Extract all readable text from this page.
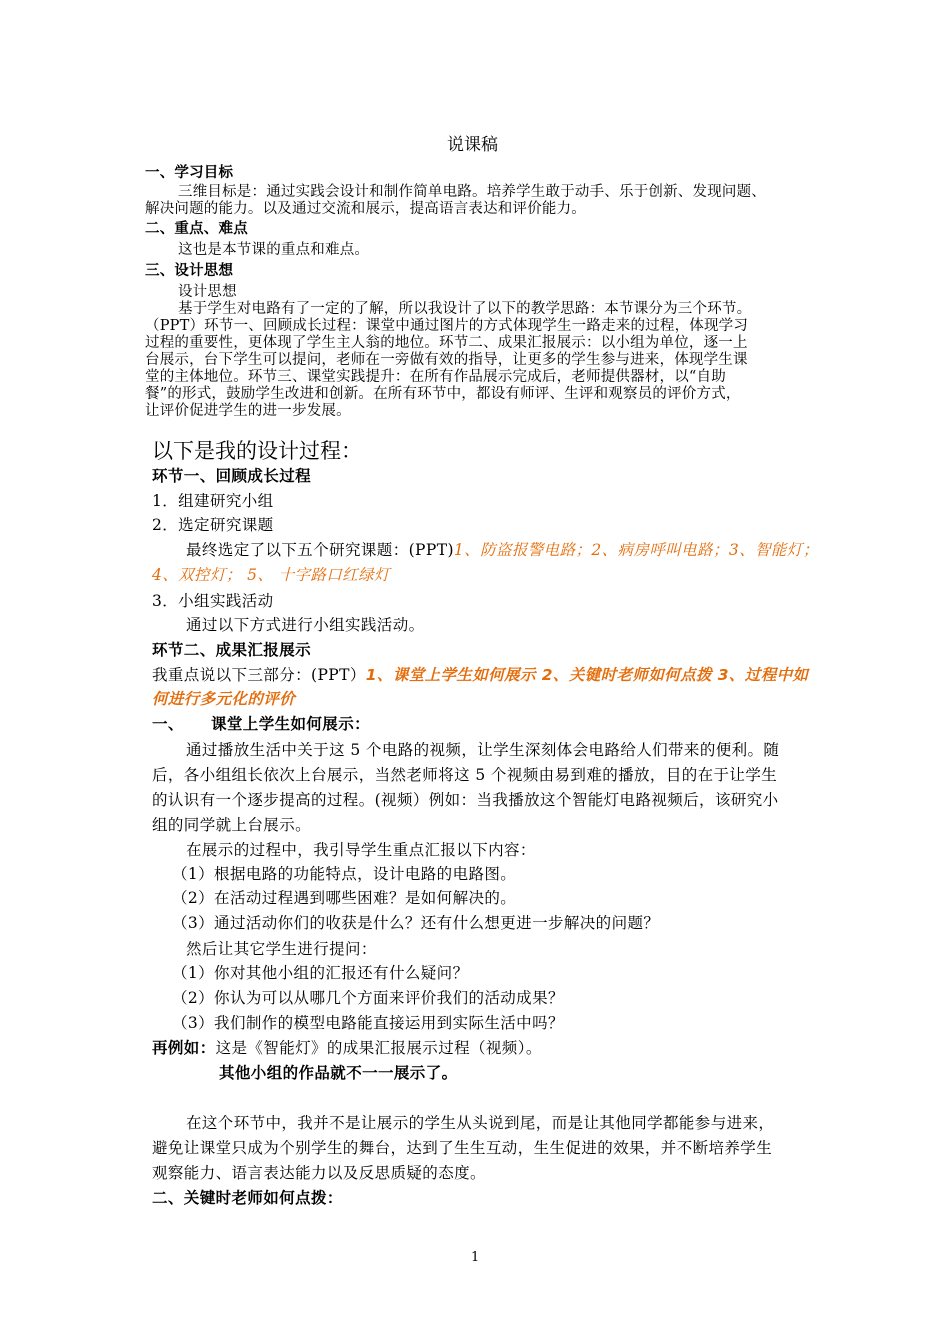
说课稿
一、学习目标
三维目标是：通过实践会设计和制作简单电路。培养学生敢于动手、乐于创新、发现问题、
解决问题的能力。以及通过交流和展示，提高语言表达和评价能力。
二、重点、难点
这也是本节课的重点和难点。
三、设计思想
设计思想
基于学生对电路有了一定的了解，所以我设计了以下的教学思路：本节课分为三个环节。
（PPT）环节一、回顾成长过程：课堂中通过图片的方式体现学生一路走来的过程，体现学习
过程的重要性，更体现了学生主人翁的地位。环节二、成果汇报展示：以小组为单位，逐一上
台展示，台下学生可以提问，老师在一旁做有效的指导，让更多的学生参与进来，体现学生课
堂的主体地位。环节三、课堂实践提升：在所有作品展示完成后，老师提供器材，以“自助
餐”的形式，鼓励学生改进和创新。在所有环节中，都设有师评、生评和观察员的评价方式，
让评价促进学生的进一步发展。
以下是我的设计过程：
环节一、回顾成长过程
1．组建研究小组
2．选定研究课题
最终选定了以下五个研究课题：(PPT)1、防盗报警电路；2、病房呼叫电路；3、智能灯；
4、双控灯； 5、 十字路口红绿灯
3．小组实践活动
通过以下方式进行小组实践活动。
环节二、成果汇报展示
我重点说以下三部分：(PPT）1、课堂上学生如何展示 2、关键时老师如何点拨 3、过程中如
何进行多元化的评价
一、 课堂上学生如何展示：
通过播放生活中关于这 5 个电路的视频，让学生深刻体会电路给人们带来的便利。随
后，各小组组长依次上台展示，当然老师将这 5 个视频由易到难的播放，目的在于让学生
的认识有一个逐步提高的过程。(视频）例如：当我播放这个智能灯电路视频后，该研究小
组的同学就上台展示。
在展示的过程中，我引导学生重点汇报以下内容：
（1）根据电路的功能特点，设计电路的电路图。
（2）在活动过程遇到哪些困难？是如何解决的。
（3）通过活动你们的收获是什么？还有什么想更进一步解决的问题？
然后让其它学生进行提问：
（1）你对其他小组的汇报还有什么疑问？
（2）你认为可以从哪几个方面来评价我们的活动成果？
（3）我们制作的模型电路能直接运用到实际生活中吗？
再例如：这是《智能灯》的成果汇报展示过程（视频）。
其他小组的作品就不一一展示了。
在这个环节中，我并不是让展示的学生从头说到尾，而是让其他同学都能参与进来，
避免让课堂只成为个别学生的舞台，达到了生生互动，生生促进的效果，并不断培养学生
观察能力、语言表达能力以及反思质疑的态度。
二、关键时老师如何点拨：
1
